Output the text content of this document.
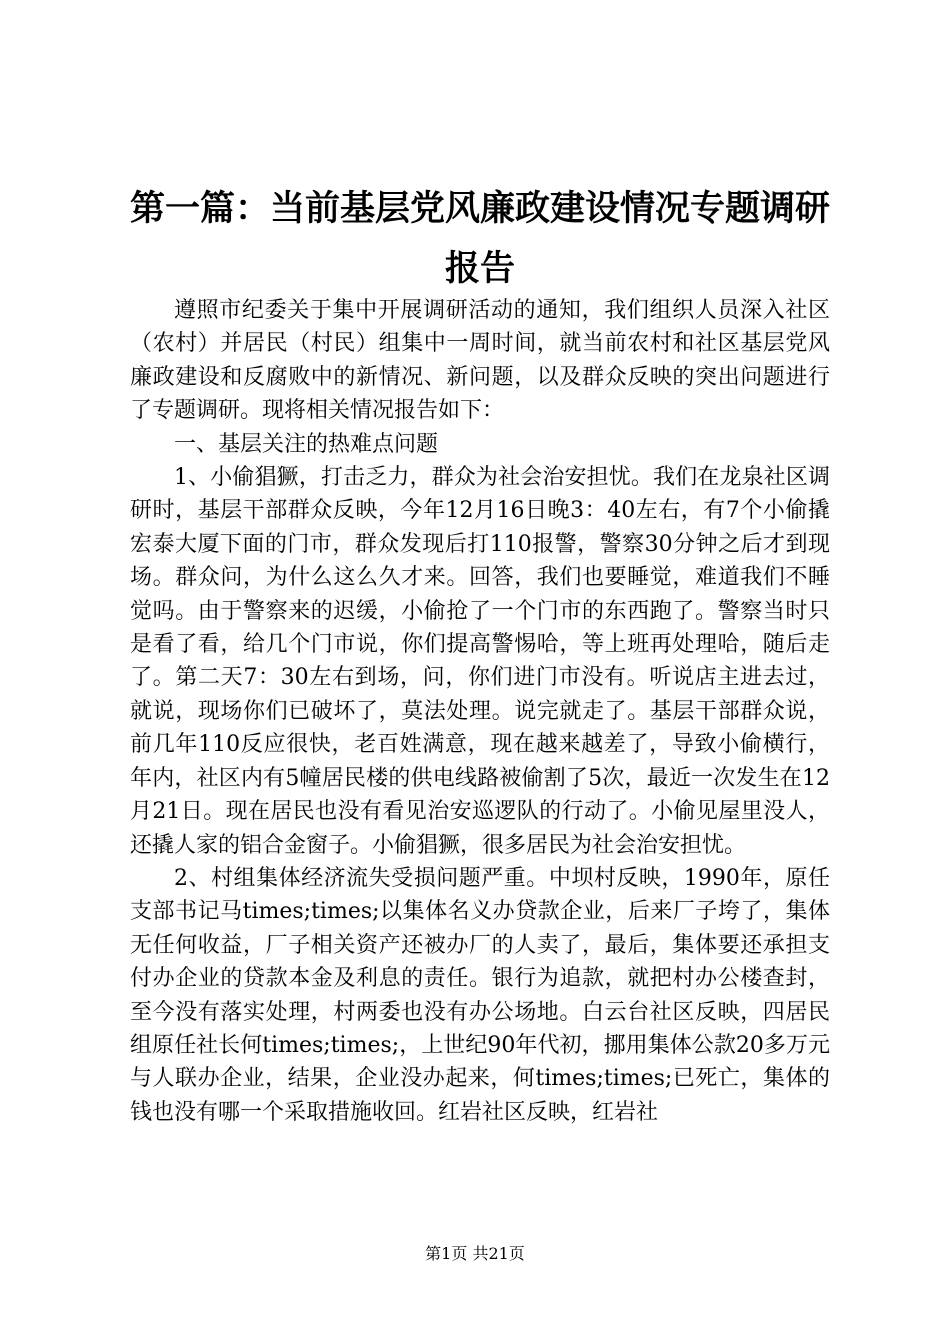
第一篇：当前基层党风廉政建设情况专题调研
报告

遵照市纪委关于集中开展调研活动的通知，我们组织人员深入社区（农村）并居民（村民）组集中一周时间，就当前农村和社区基层党风廉政建设和反腐败中的新情况、新问题，以及群众反映的突出问题进行了专题调研。现将相关情况报告如下：

一、基层关注的热难点问题

1、小偷猖獗，打击乏力，群众为社会治安担忧。我们在龙泉社区调研时，基层干部群众反映，今年12月16日晚3：40左右，有7个小偷撬宏泰大厦下面的门市，群众发现后打110报警，警察30分钟之后才到现场。群众问，为什么这么久才来。回答，我们也要睡觉，难道我们不睡觉吗。由于警察来的迟缓，小偷抢了一个门市的东西跑了。警察当时只是看了看，给几个门市说，你们提高警惕哈，等上班再处理哈，随后走了。第二天7：30左右到场，问，你们进门市没有。听说店主进去过，就说，现场你们已破坏了，莫法处理。说完就走了。基层干部群众说，前几年110反应很快，老百姓满意，现在越来越差了，导致小偷横行，年内，社区内有5幢居民楼的供电线路被偷割了5次，最近一次发生在12月21日。现在居民也没有看见治安巡逻队的行动了。小偷见屋里没人，还撬人家的铝合金窗子。小偷猖獗，很多居民为社会治安担忧。

2、村组集体经济流失受损问题严重。中坝村反映，1990年，原任支部书记马times;times;以集体名义办贷款企业，后来厂子垮了，集体无任何收益，厂子相关资产还被办厂的人卖了，最后，集体要还承担支付办企业的贷款本金及利息的责任。银行为追款，就把村办公楼查封，至今没有落实处理，村两委也没有办公场地。白云台社区反映，四居民组原任社长何times;times;，上世纪90年代初，挪用集体公款20多万元与人联办企业，结果，企业没办起来，何times;times;已死亡，集体的钱也没有哪一个采取措施收回。红岩社区反映，红岩社

第1页 共21页
